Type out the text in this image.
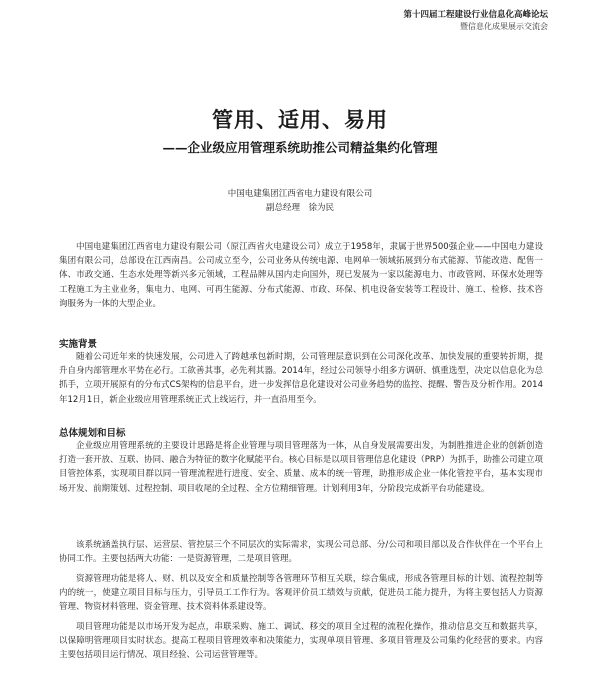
第十四届工程建设行业信息化高峰论坛
暨信息化成果展示交流会
管用、适用、易用
——企业级应用管理系统助推公司精益集约化管理
中国电建集团江西省电力建设有限公司
副总经理　徐为民

中国电建集团江西省电力建设有限公司（原江西省火电建设公司）成立于1958年，隶属于世界500强企业——中国电力建设集团有限公司，总部设在江西南昌。公司成立至今，公司业务从传统电源、电网单一领域拓展到分布式能源、节能改造、配售一体、市政交通、生态水处理等新兴多元领域，工程品牌从国内走向国外，现已发展为一家以能源电力、市政管网、环保水处理等工程施工为主业业务，集电力、电网、可再生能源、分布式能源、市政、环保、机电设备安装等工程设计、施工、检修、技术咨询服务为一体的大型企业。

实施背景

随着公司近年来的快速发展，公司进入了跨越承包新时期，公司管理层意识到在公司深化改革、加快发展的重要转折期，提升自身内部管理水平势在必行。工欲善其事，必先利其器。2014年，经过公司领导小组多方调研、慎重选型，决定以信息化为总抓手，立项开展原有的分布式CS架构的信息平台，进一步发挥信息化建设对公司业务趋势的监控、提醒、警告及分析作用。2014年12月1日，新企业级应用管理系统正式上线运行，并一直沿用至今。

总体规划和目标

企业级应用管理系统的主要设计思路是将企业管理与项目管理落为一体，从自身发展需要出发，为制胜推进企业的创新创造打造一套开放、互联、协同、融合为特征的数字化赋能平台。核心目标是以项目管理信息化建设（PRP）为抓手，助推公司建立项目管控体系，实现项目群以同一管理流程进行进度、安全、质量、成本的统一管理，助推形成企业一体化管控平台，基本实现市场开发、前期策划、过程控制、项目收尾的全过程、全方位精细管理。计划利用3年，分阶段完成新平台功能建设。

该系统涵盖执行层、运营层、管控层三个不同层次的实际需求，实现公司总部、分/公司和项目部以及合作伙伴在一个平台上协同工作。主要包括两大功能：一是资源管理，二是项目管理。

资源管理功能是将人、财、机以及安全和质量控制等各管理环节相互关联，综合集成，形成各管理目标的计划、流程控制等内的统一，使建立项目目标与压力，引导员工工作行为。客观评价员工绩效与贡献，促进员工能力提升，为将主要包括人力资源管理、物资材料管理、资金管理、技术资料体系建设等。

项目管理功能是以市场开发为起点，串联采购、施工、调试、移交的项目全过程的流程化操作，推动信息交互和数据共享，以保障明管理项目实时状态。提高工程项目管理效率和决策能力，实现单项目管理、多项目管理及公司集约化经营的要求。内容主要包括项目运行情况、项目经验、公司运营管理等。
